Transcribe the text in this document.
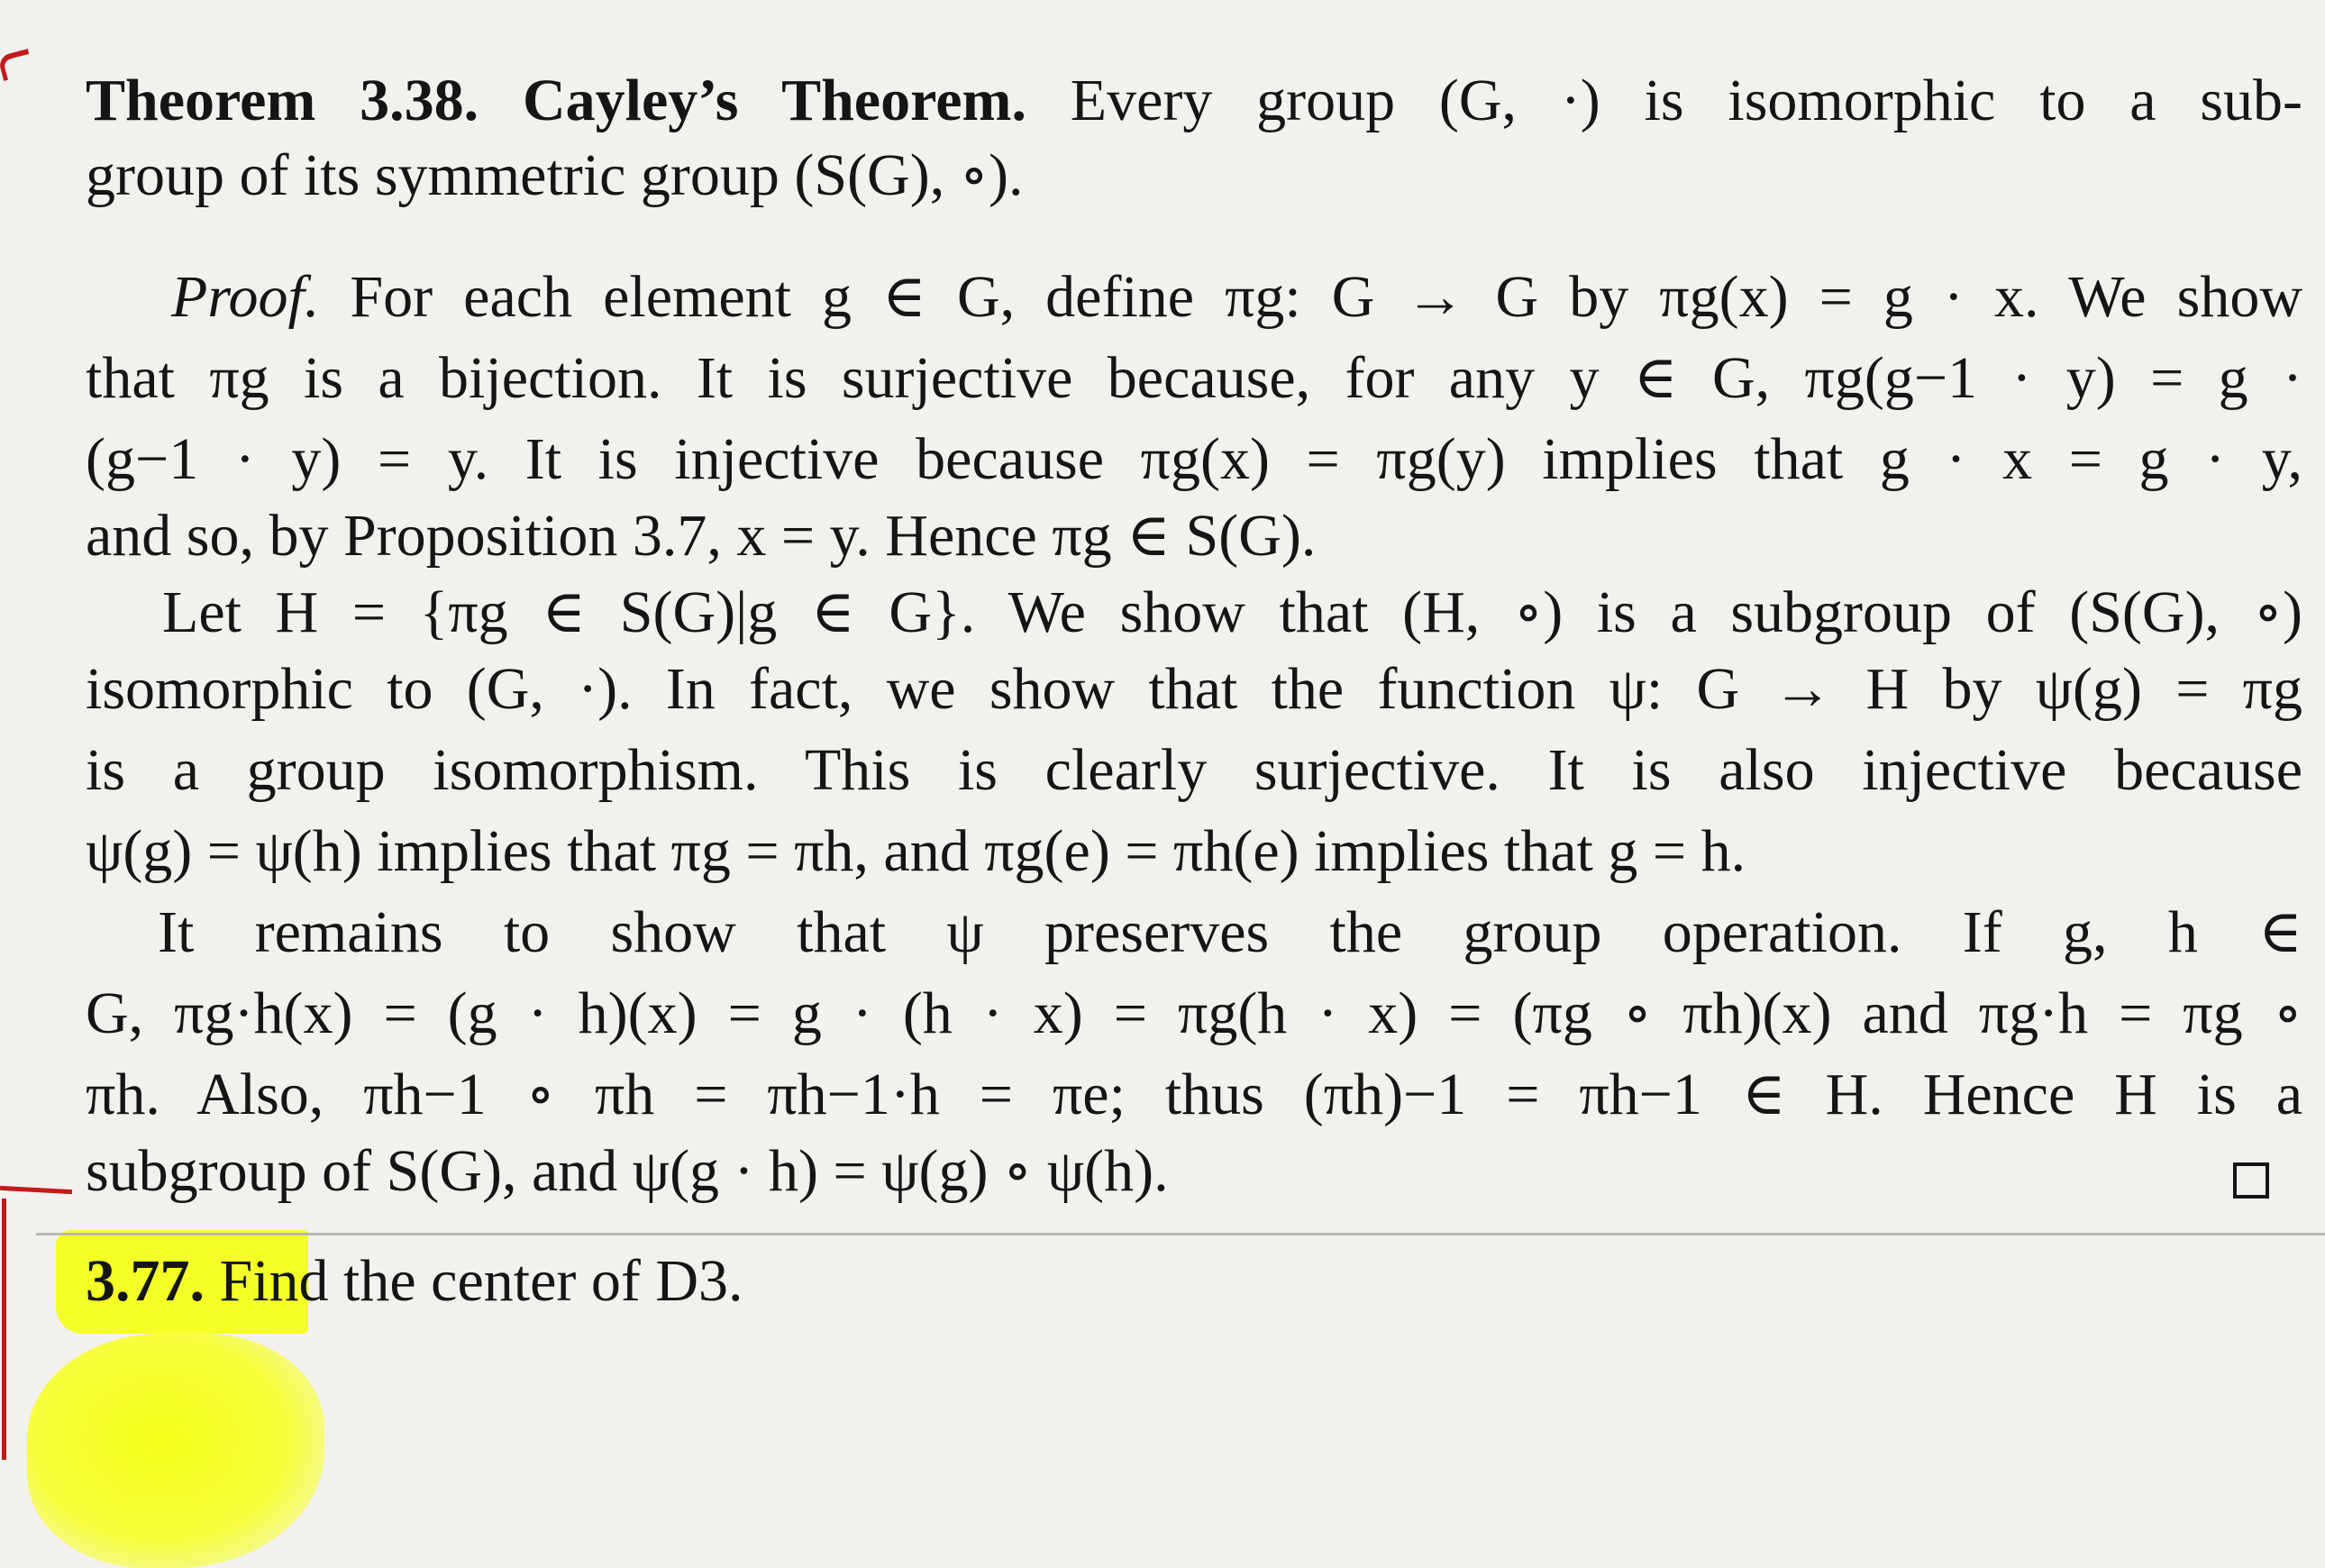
Theorem 3.38. Cayley’s Theorem. Every group (G, ·) is isomorphic to a sub-
group of its symmetric group (S(G), ∘).
Proof. For each element g ∈ G, define πg: G → G by πg(x) = g · x. We show
that πg is a bijection. It is surjective because, for any y ∈ G, πg(g−1 · y) = g ·
(g−1 · y) = y. It is injective because πg(x) = πg(y) implies that g · x = g · y,
and so, by Proposition 3.7, x = y. Hence πg ∈ S(G).
Let H = {πg ∈ S(G)|g ∈ G}. We show that (H, ∘) is a subgroup of (S(G), ∘)
isomorphic to (G, ·). In fact, we show that the function ψ: G → H by ψ(g) = πg
is a group isomorphism. This is clearly surjective. It is also injective because
ψ(g) = ψ(h) implies that πg = πh, and πg(e) = πh(e) implies that g = h.
It remains to show that ψ preserves the group operation. If g, h ∈
G, πg·h(x) = (g · h)(x) = g · (h · x) = πg(h · x) = (πg ∘ πh)(x) and πg·h = πg ∘
πh. Also, πh−1 ∘ πh = πh−1·h = πe; thus (πh)−1 = πh−1 ∈ H. Hence H is a
subgroup of S(G), and ψ(g · h) = ψ(g) ∘ ψ(h).
3.77. Find the center of D3.
